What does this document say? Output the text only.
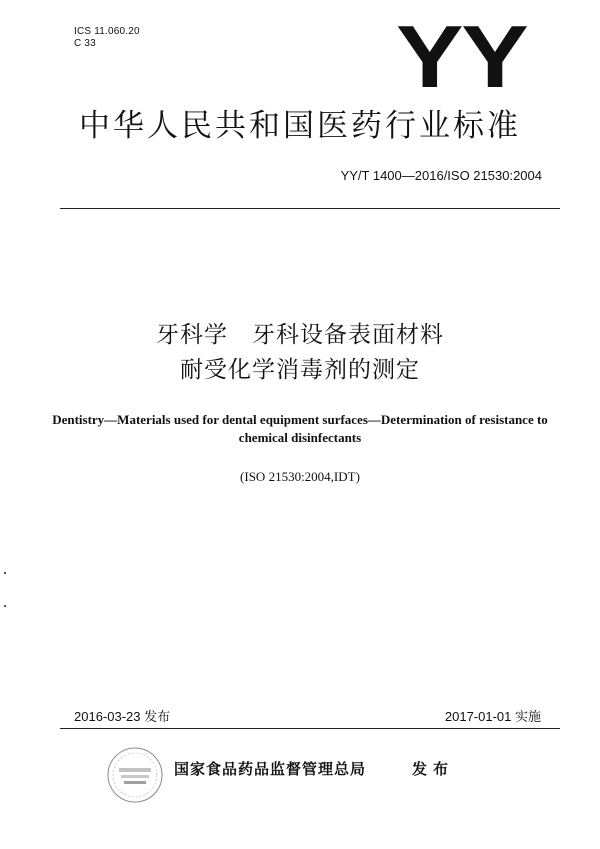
ICS 11.060.20
C 33	YY
中华人民共和国医药行业标准
YY/T 1400—2016/ISO 21530:2004
牙科学　牙科设备表面材料
耐受化学消毒剂的测定
Dentistry—Materials used for dental equipment surfaces—Determination of resistance to chemical disinfectants
(ISO 21530:2004,IDT)
2016-03-23 发布	2017-01-01 实施
国家食品药品监督管理总局	发布
